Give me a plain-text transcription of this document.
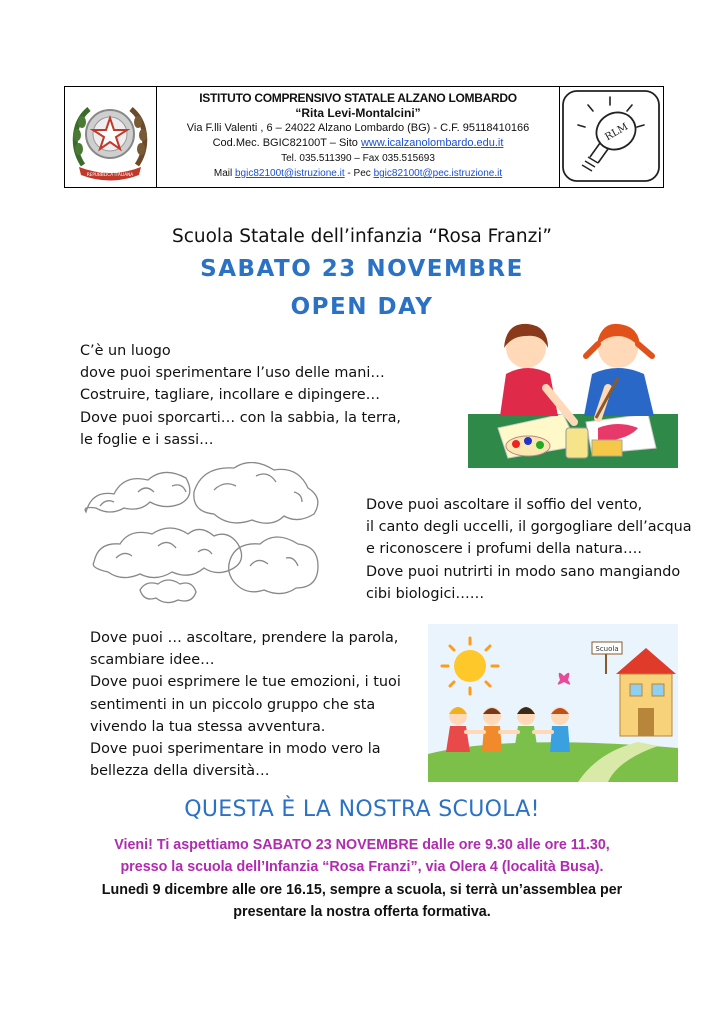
REPUBBLICA ITALIANA
ISTITUTO COMPRENSIVO STATALE ALZANO LOMBARDO
“Rita Levi-Montalcini”
Via F.lli Valenti , 6 – 24022 Alzano Lombardo (BG) - C.F. 95118410166
Cod.Mec. BGIC82100T – Sito www.icalzanolombardo.edu.it
Tel. 035.511390 – Fax 035.515693
Mail bgic82100t@istruzione.it - Pec bgic82100t@pec.istruzione.it
RLM
Scuola Statale dell’infanzia “Rosa Franzi”
SABATO 23 NOVEMBRE
OPEN DAY
C’è un luogo
dove puoi sperimentare l’uso delle mani…
Costruire, tagliare, incollare e dipingere…
Dove puoi sporcarti… con la sabbia, la terra,
le foglie e i sassi…
Dove puoi ascoltare il soffio del vento,
il canto degli uccelli, il gorgogliare dell’acqua
e riconoscere i profumi della natura….
Dove puoi nutrirti in modo sano mangiando
cibi biologici……
Dove puoi … ascoltare, prendere la parola,
scambiare idee…
Dove puoi esprimere le tue emozioni, i tuoi
sentimenti in un piccolo gruppo che sta
vivendo la tua stessa avventura.
Dove puoi sperimentare in modo vero la
bellezza della diversità…
Scuola
QUESTA È LA NOSTRA SCUOLA!
Vieni! Ti aspettiamo SABATO 23 NOVEMBRE dalle ore 9.30 alle ore 11.30,
presso la scuola dell’Infanzia “Rosa Franzi”, via Olera 4 (località Busa).
Lunedì 9 dicembre alle ore 16.15, sempre a scuola, si terrà un’assemblea per
presentare la nostra offerta formativa.
